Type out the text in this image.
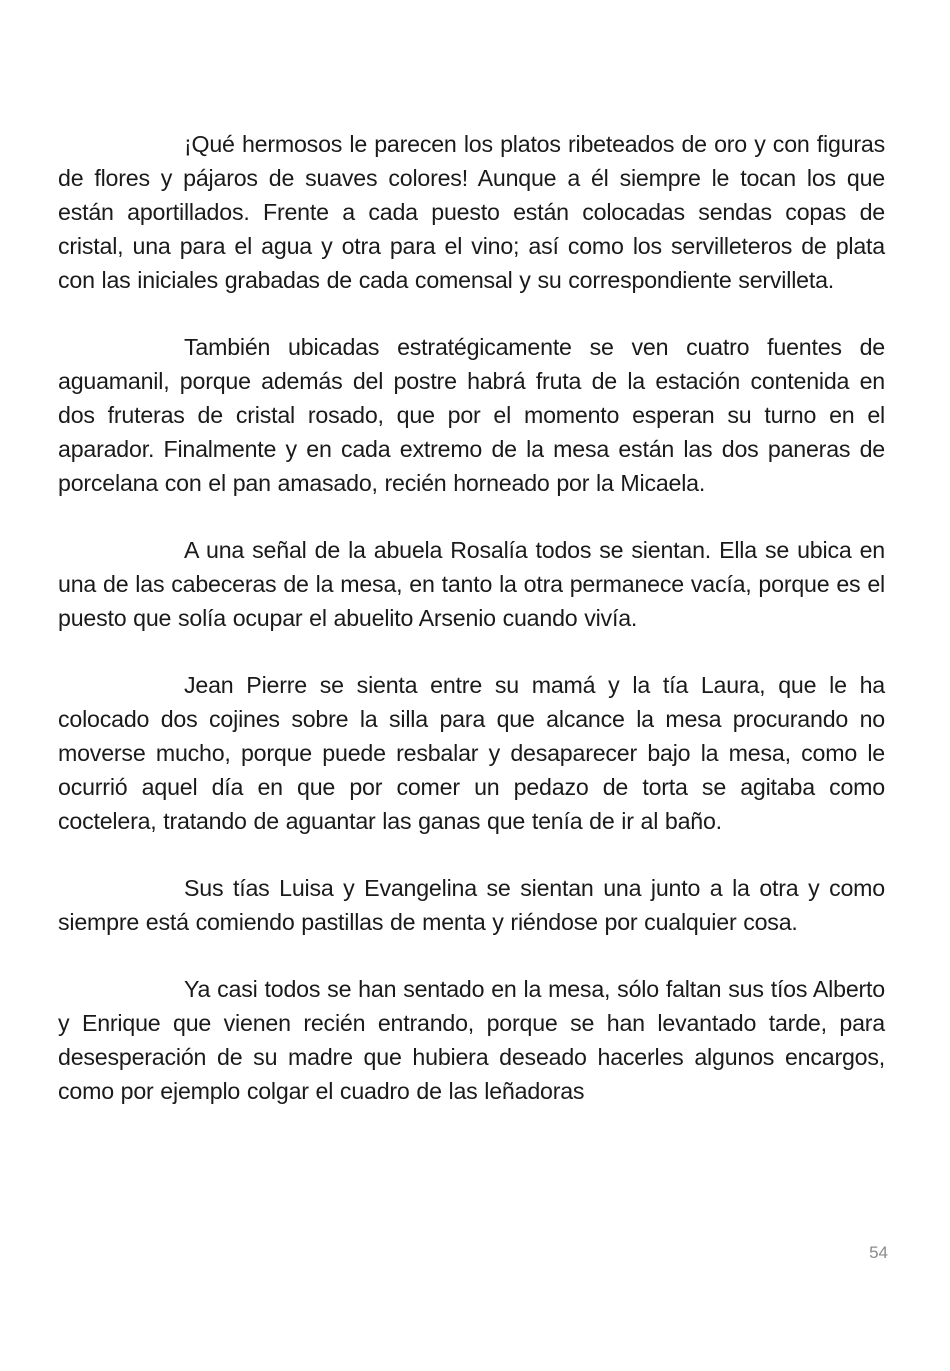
¡Qué hermosos le parecen los platos ribeteados de oro y con figuras de flores y pájaros de suaves colores! Aunque a él siempre le tocan los que están aportillados. Frente a cada puesto están colocadas sendas copas de cristal, una para el agua y otra para el vino; así como los servilleteros de plata con las iniciales grabadas de cada comensal y su correspondiente servilleta.

También ubicadas estratégicamente se ven cuatro fuentes de aguamanil, porque además del postre habrá fruta de la estación contenida en dos fruteras de cristal rosado, que por el momento esperan su turno en el aparador. Finalmente y en cada extremo de la mesa están las dos paneras de porcelana con el pan amasado, recién horneado por la Micaela.

A una señal de la abuela Rosalía todos se sientan. Ella se ubica en una de las cabeceras de la mesa, en tanto la otra permanece vacía, porque es el puesto que solía ocupar el abuelito Arsenio cuando vivía.

Jean Pierre se sienta entre su mamá y la tía Laura, que le ha colocado dos cojines sobre la silla para que alcance la mesa procurando no moverse mucho, porque puede resbalar y desaparecer bajo la mesa, como le ocurrió aquel día en que por comer un pedazo de torta se agitaba como coctelera, tratando de aguantar las ganas que tenía de ir al baño.

Sus tías Luisa y Evangelina se sientan una junto a la otra y como siempre está comiendo pastillas de menta y riéndose por cualquier cosa.

Ya casi todos se han sentado en la mesa, sólo faltan sus tíos Alberto y Enrique que vienen recién entrando, porque se han levantado tarde, para desesperación de su madre que hubiera deseado hacerles algunos encargos, como por ejemplo colgar el cuadro de las leñadoras

54
